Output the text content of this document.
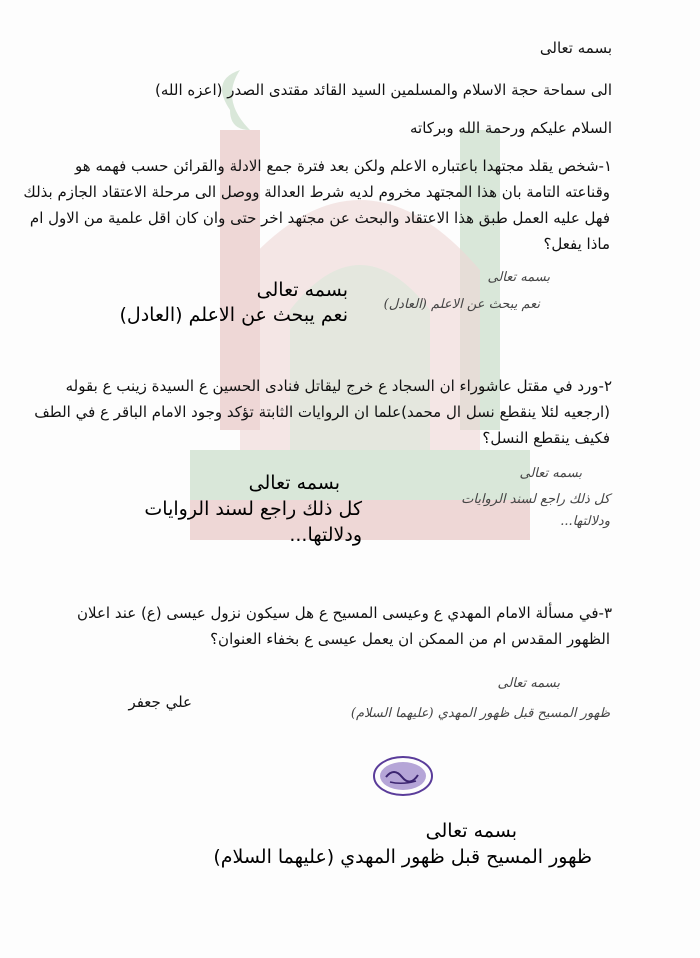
بسمه تعالى
الى سماحة حجة الاسلام والمسلمين السيد القائد مقتدى الصدر (اعزه الله)
السلام عليكم ورحمة الله وبركاته
١-شخص يقلد مجتهدا باعتباره الاعلم ولكن بعد فترة جمع الادلة والقرائن حسب فهمه هو
وقناعته التامة بان هذا المجتهد مخروم لديه شرط العدالة ووصل الى مرحلة الاعتقاد الجازم بذلك
فهل عليه العمل طبق هذا الاعتقاد والبحث عن مجتهد اخر حتى وان كان اقل علمية من الاول ام
ماذا يفعل؟
بسمه تعالى
نعم يبحث عن الاعلم (العادل)
بسمه تعالى
نعم يبحث عن الاعلم (العادل)
٢-ورد في مقتل عاشوراء ان السجاد ع خرج ليقاتل فنادى الحسين ع السيدة زينب ع بقوله
(ارجعيه لئلا ينقطع نسل ال محمد)علما ان الروايات الثابتة تؤكد وجود الامام الباقر ع في الطف
فكيف ينقطع النسل؟
بسمه تعالى
كل ذلك راجع لسند الروايات
ودلالتها...
بسمه تعالى
كل ذلك راجع لسند الروايات
ودلالتها...
٣-في مسألة الامام المهدي ع وعيسى المسيح ع هل سيكون نزول عيسى (ع) عند اعلان
الظهور المقدس ام من الممكن ان يعمل عيسى ع بخفاء العنوان؟
علي جعفر
بسمه تعالى
ظهور المسيح قبل ظهور المهدي (عليهما السلام)
بسمه تعالى
ظهور المسيح قبل ظهور المهدي (عليهما السلام)
